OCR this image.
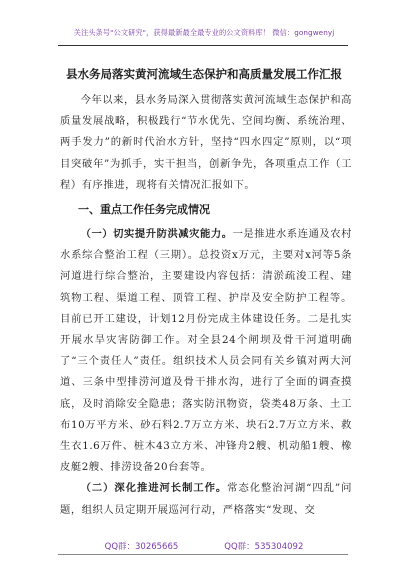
关注头条号"公文研究"，获得最新最全最专业的公文资料库！ 微信：gongwenyj
县水务局落实黄河流域生态保护和高质量发展工作汇报

今年以来，县水务局深入贯彻落实黄河流域生态保护和高质量发展战略，积极践行“节水优先、空间均衡、系统治理、两手发力”的新时代治水方针，坚持“四水四定”原则，以“项目突破年”为抓手，实干担当，创新争先，各项重点工作（工程）有序推进，现将有关情况汇报如下。

一、重点工作任务完成情况

（一）切实提升防洪减灾能力。一是推进水系连通及农村水系综合整治工程（三期）。总投资x万元，主要对x河等5条河道进行综合整治，主要建设内容包括：清淤疏浚工程、建筑物工程、渠道工程、顶管工程、护岸及安全防护工程等。目前已开工建设，计划12月份完成主体建设任务。二是扎实开展水旱灾害防御工作。对全县24个闸坝及骨干河道明确了“三个责任人”责任。组织技术人员会同有关乡镇对两大河道、三条中型排涝河道及骨干排水沟，进行了全面的调查摸底，及时消除安全隐患；落实防汛物资，袋类48万条、土工布10万平方米、砂石料2.7万立方米、块石2.7万立方米、救生衣1.6万件、桩木43立方米、冲锋舟2艘、机动船1艘、橡皮艇2艘、排涝设备20台套等。

（二）深化推进河长制工作。常态化整治河湖“四乱”问题，组织人员定期开展巡河行动，严格落实“发现、交

QQ群：30265665	QQ群：535304092
